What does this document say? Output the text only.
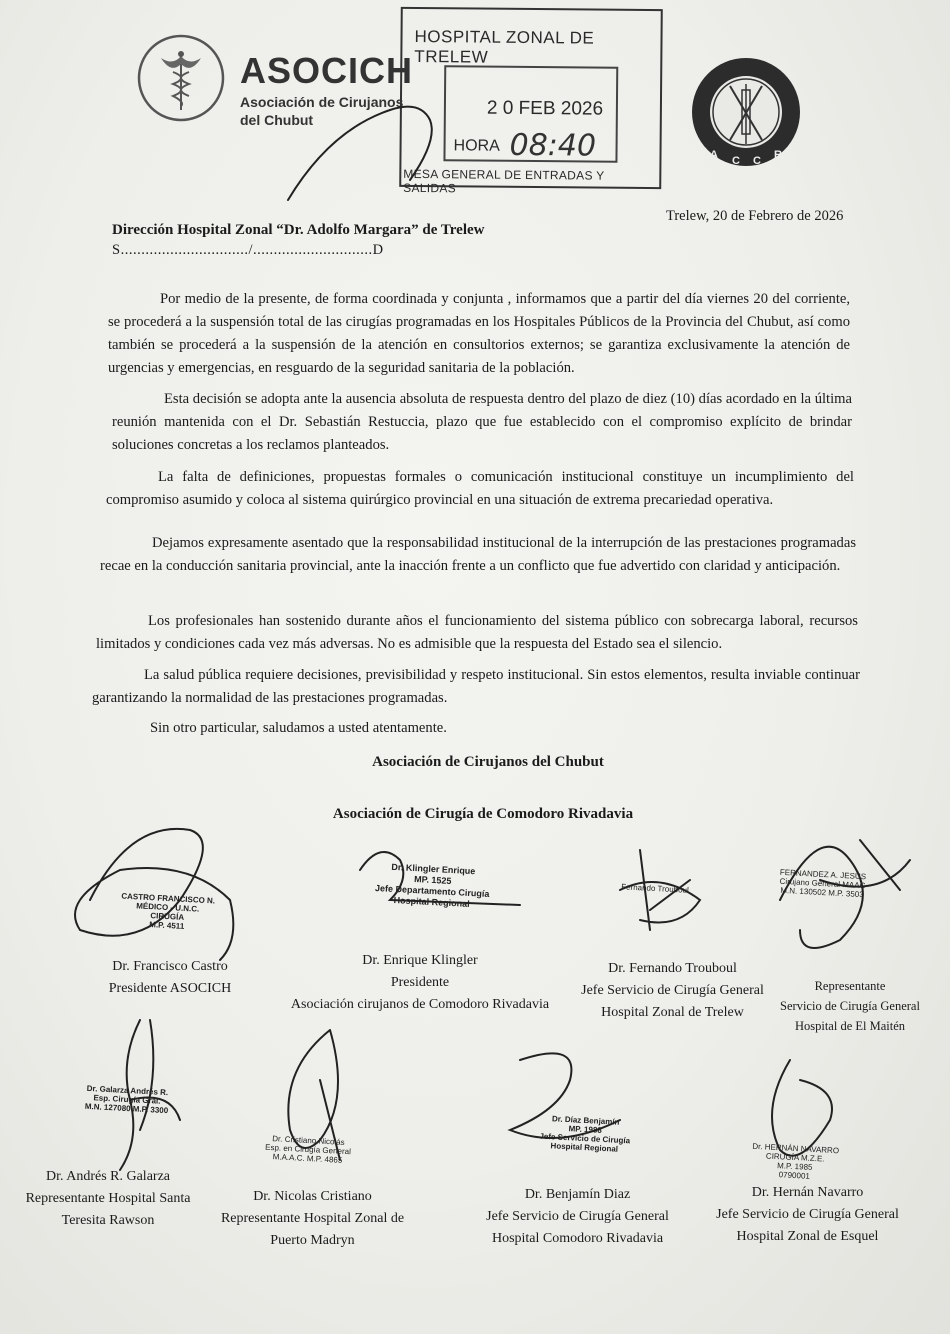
ASOCICH
Asociación de Cirujanos
del Chubut
HOSPITAL ZONAL DE TRELEW
2 0 FEB 2026
HORA 08:40
MESA GENERAL DE ENTRADAS Y SALIDAS
A C C R
Trelew, 20 de Febrero de 2026
Dirección Hospital Zonal “Dr. Adolfo Margara” de Trelew
S.............................../.............................D

Por medio de la presente, de forma coordinada y conjunta , informamos que a partir del día viernes 20 del corriente, se procederá a la suspensión total de las cirugías programadas en los Hospitales Públicos de la Provincia del Chubut, así como también se procederá a la suspensión de la atención en consultorios externos; se garantiza exclusivamente la atención de urgencias y emergencias, en resguardo de la seguridad sanitaria de la población.

Esta decisión se adopta ante la ausencia absoluta de respuesta dentro del plazo de diez (10) días acordado en la última reunión mantenida con el Dr. Sebastián Restuccia, plazo que fue establecido con el compromiso explícito de brindar soluciones concretas a los reclamos planteados.

La falta de definiciones, propuestas formales o comunicación institucional constituye un incumplimiento del compromiso asumido y coloca al sistema quirúrgico provincial en una situación de extrema precariedad operativa.

Dejamos expresamente asentado que la responsabilidad institucional de la interrupción de las prestaciones programadas recae en la conducción sanitaria provincial, ante la inacción frente a un conflicto que fue advertido con claridad y anticipación.

Los profesionales han sostenido durante años el funcionamiento del sistema público con sobrecarga laboral, recursos limitados y condiciones cada vez más adversas. No es admisible que la respuesta del Estado sea el silencio.

La salud pública requiere decisiones, previsibilidad y respeto institucional. Sin estos elementos, resulta inviable continuar garantizando la normalidad de las prestaciones programadas.

Sin otro particular, saludamos a usted atentamente.
Asociación de Cirujanos del Chubut
Asociación de Cirugía de Comodoro Rivadavia
CASTRO FRANCISCO N.
MÉDICO - U.N.C.
CIRUGÍA
M.P. 4511
Dr. Klingler Enrique
MP. 1525
Jefe Departamento Cirugía
Hospital Regional
Fernando Trouboul
FERNANDEZ A. JESÚS
Cirujano General MAAC
M.N. 130502 M.P. 3503
Dr. Galarza Andrés R.
Esp. Cirugía Gral.
M.N. 127080 M.P. 3300
Dr. Cristiano Nicolás
Esp. en Cirugía General
M.A.A.C. M.P. 4865
Dr. Díaz Benjamín
MP. 1988
Jefe Servicio de Cirugía
Hospital Regional	Dr. HERNÁN NAVARRO
CIRUGÍA M.Z.E.
M.P. 1985
0790001
Dr. Francisco Castro
Presidente ASOCICH
Dr. Enrique Klingler
Presidente
Asociación cirujanos de Comodoro Rivadavia
Dr. Fernando Trouboul
Jefe Servicio de Cirugía General
Hospital Zonal de Trelew
Representante
Servicio de Cirugía General
Hospital de El Maitén
Dr. Andrés R. Galarza
Representante Hospital Santa
Teresita Rawson
Dr. Nicolas Cristiano
Representante Hospital Zonal de
Puerto Madryn
Dr. Benjamín Diaz
Jefe Servicio de Cirugía General
Hospital Comodoro Rivadavia
Dr. Hernán Navarro
Jefe Servicio de Cirugía General
Hospital Zonal de Esquel
